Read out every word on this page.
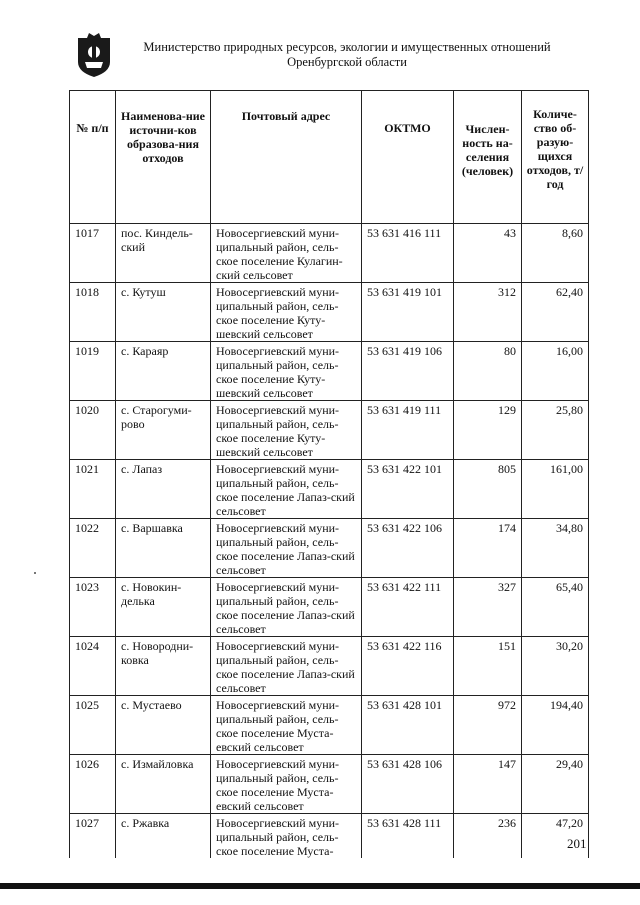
Министерство природных ресурсов, экологии и имущественных отношений
Оренбургской области
№ п/п	Наименова-ние источни-ков образова-ния отходов	Почтовый адрес	ОКТМО	Числен-ность на-селения (человек)	Количе-ство об-разую-щихся отходов, т/год
1017	пос. Киндель-ский	Новосергиевский муни-ципальный район, сель-ское поселение Кулагин-ский сельсовет	53 631 416 111	43	8,60
1018	с. Кутуш	Новосергиевский муни-ципальный район, сель-ское поселение Куту-шевский сельсовет	53 631 419 101	312	62,40
1019	с. Караяр	Новосергиевский муни-ципальный район, сель-ское поселение Куту-шевский сельсовет	53 631 419 106	80	16,00
1020	с. Старогуми-рово	Новосергиевский муни-ципальный район, сель-ское поселение Куту-шевский сельсовет	53 631 419 111	129	25,80
1021	с. Лапаз	Новосергиевский муни-ципальный район, сель-ское поселение Лапаз-ский сельсовет	53 631 422 101	805	161,00
1022	с. Варшавка	Новосергиевский муни-ципальный район, сель-ское поселение Лапаз-ский сельсовет	53 631 422 106	174	34,80
1023	с. Новокин-делька	Новосергиевский муни-ципальный район, сель-ское поселение Лапаз-ский сельсовет	53 631 422 111	327	65,40
1024	с. Новородни-ковка	Новосергиевский муни-ципальный район, сель-ское поселение Лапаз-ский сельсовет	53 631 422 116	151	30,20
1025	с. Мустаево	Новосергиевский муни-ципальный район, сель-ское поселение Муста-евский сельсовет	53 631 428 101	972	194,40
1026	с. Измайловка	Новосергиевский муни-ципальный район, сель-ское поселение Муста-евский сельсовет	53 631 428 106	147	29,40
1027	с. Ржавка	Новосергиевский муни-ципальный район, сель-ское поселение Муста-	53 631 428 111	236	47,20
201
